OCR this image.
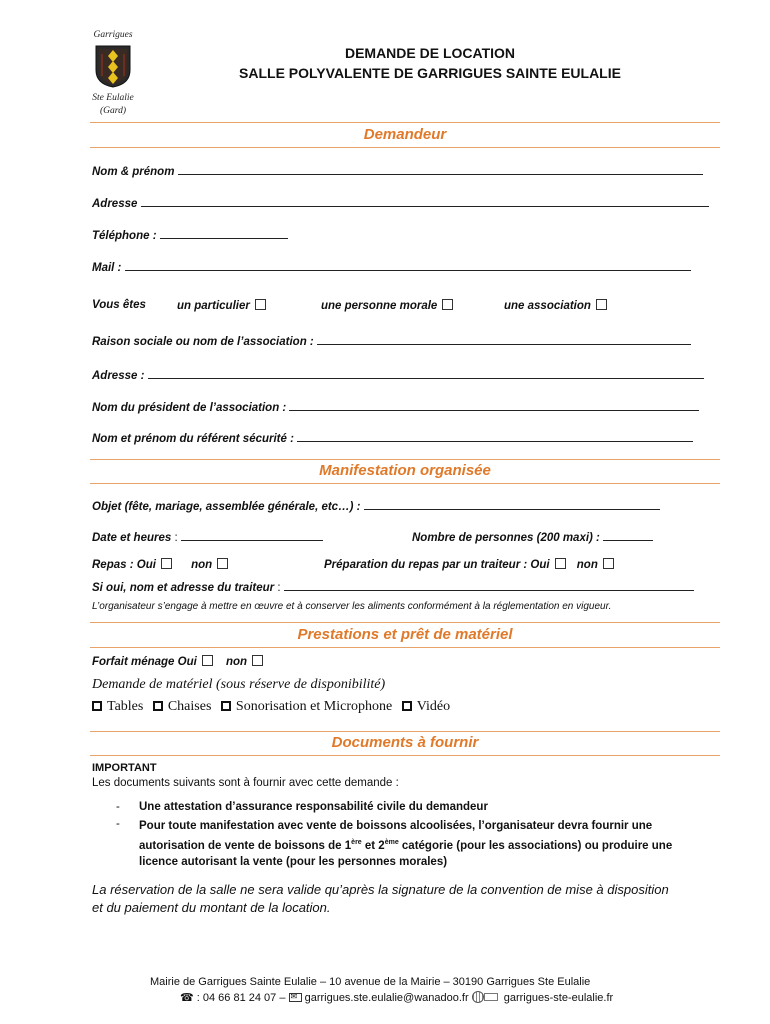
Garrigues
Ste Eulalie
(Gard)
DEMANDE DE LOCATION
SALLE POLYVALENTE DE GARRIGUES SAINTE EULALIE
Demandeur
Nom & prénom
Adresse
Téléphone :
Mail :
Vous êtes	un particulier	une personne morale	une association
Raison sociale ou nom de l’association :
Adresse :
Nom du président de l’association :
Nom et prénom du référent sécurité :
Manifestation organisée
Objet (fête, mariage, assemblée générale, etc…) :
Date et heures :	Nombre de personnes (200 maxi) :
Repas : Oui	non	Préparation du repas par un traiteur : Oui non
Si oui, nom et adresse du traiteur :
L’organisateur s’engage à mettre en œuvre et à conserver les aliments conformément à la réglementation en vigueur.
Prestations et prêt de matériel
Forfait ménage Oui	non
Demande de matériel (sous réserve de disponibilité)
Tables Chaises Sonorisation et Microphone Vidéo
Documents à fournir
IMPORTANT
Les documents suivants sont à fournir avec cette demande :
- Une attestation d’assurance responsabilité civile du demandeur
- Pour toute manifestation avec vente de boissons alcoolisées, l’organisateur devra fournir une
autorisation de vente de boissons de 1ère et 2ème catégorie (pour les associations) ou produire une
licence autorisant la vente (pour les personnes morales)
La réservation de la salle ne sera valide qu’après la signature de la convention de mise à disposition
et du paiement du montant de la location.
Mairie de Garrigues Sainte Eulalie – 10 avenue de la Mairie – 30190 Garrigues Ste Eulalie
☎ : 04 66 81 24 07 – ✉ garrigues.ste.eulalie@wanadoo.fr	garrigues-ste-eulalie.fr
